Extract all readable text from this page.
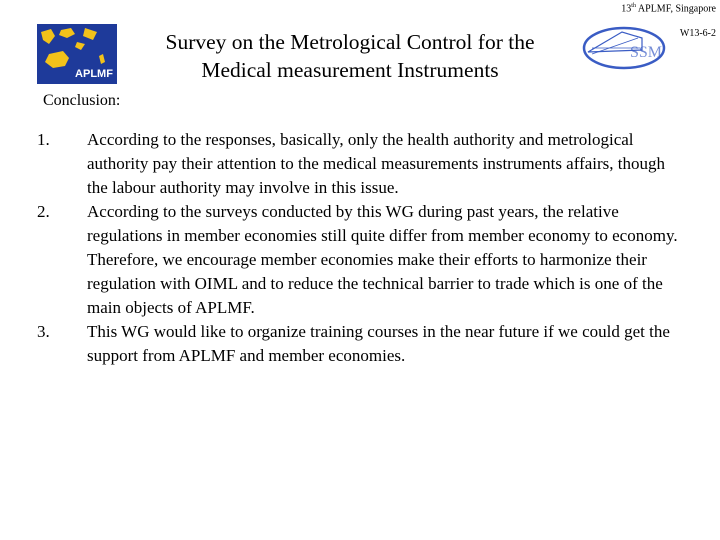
13th APLMF, Singapore
W13-6-2
APLMF
Survey on the Metrological Control for the
Medical measurement Instruments
SSM
Conclusion:
1.	According to the responses, basically, only the health authority and metrological authority pay their attention to the medical measurements instruments affairs, though the labour authority may involve in this issue.
2.	According to the surveys conducted by this WG during past years, the relative regulations in member economies still quite differ from member economy to economy. Therefore, we encourage member economies make their efforts to harmonize their regulation with OIML and to reduce the technical barrier to trade which is one of the main objects of APLMF.
3.	This WG would like to organize training courses in the near future if we could get the support from APLMF and member economies.
